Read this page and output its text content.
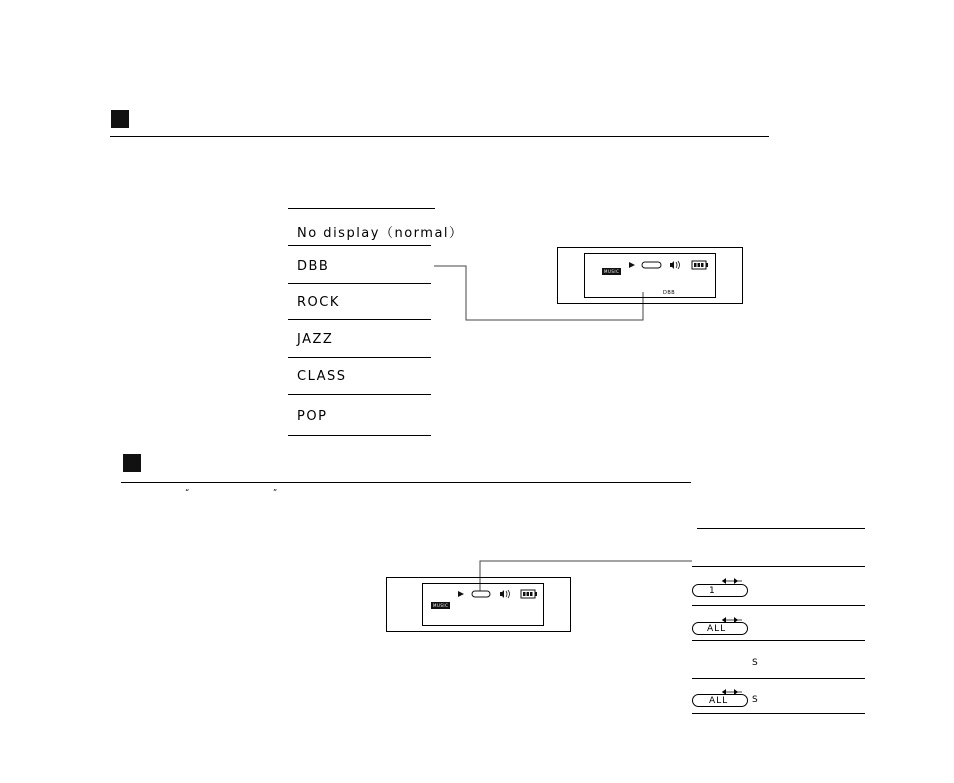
No display（normal）
DBB
ROCK
JAZZ
CLASS
POP
MUSIC
DBB
“	”
MUSIC
1
ALL
S
ALL	S
